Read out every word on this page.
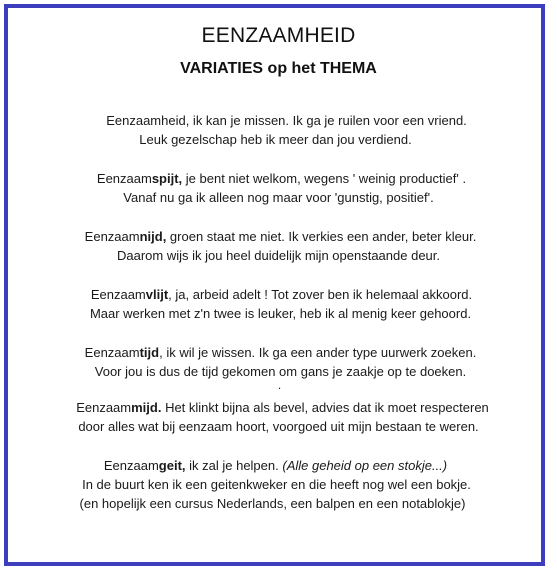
EENZAAMHEID
VARIATIES op het THEMA
Eenzaamheid, ik kan je missen. Ik ga je ruilen voor een vriend.
Leuk gezelschap heb ik meer dan jou verdiend.
Eenzaamspijt, je bent niet welkom, wegens ' weinig productief' .
Vanaf nu ga ik alleen nog maar voor 'gunstig, positief'.
Eenzaamnijd, groen staat me niet. Ik verkies een ander, beter kleur.
Daarom wijs ik jou heel duidelijk mijn openstaande deur.
Eenzaamvlijt, ja, arbeid adelt ! Tot zover ben ik helemaal akkoord.
Maar werken met z'n twee is leuker, heb ik al menig keer gehoord.
Eenzaamtijd, ik wil je wissen. Ik ga een ander type uurwerk zoeken.
Voor jou is dus de tijd gekomen om gans je zaakje op te doeken.
.
Eenzaammijd. Het klinkt bijna als bevel, advies dat ik moet respecteren
door alles wat bij eenzaam hoort, voorgoed uit mijn bestaan te weren.
Eenzaamgeit, ik zal je helpen. (Alle geheid op een stokje...)
In de buurt ken ik een geitenkweker en die heeft nog wel een bokje.
(en hopelijk een cursus Nederlands, een balpen en een notablokje)
